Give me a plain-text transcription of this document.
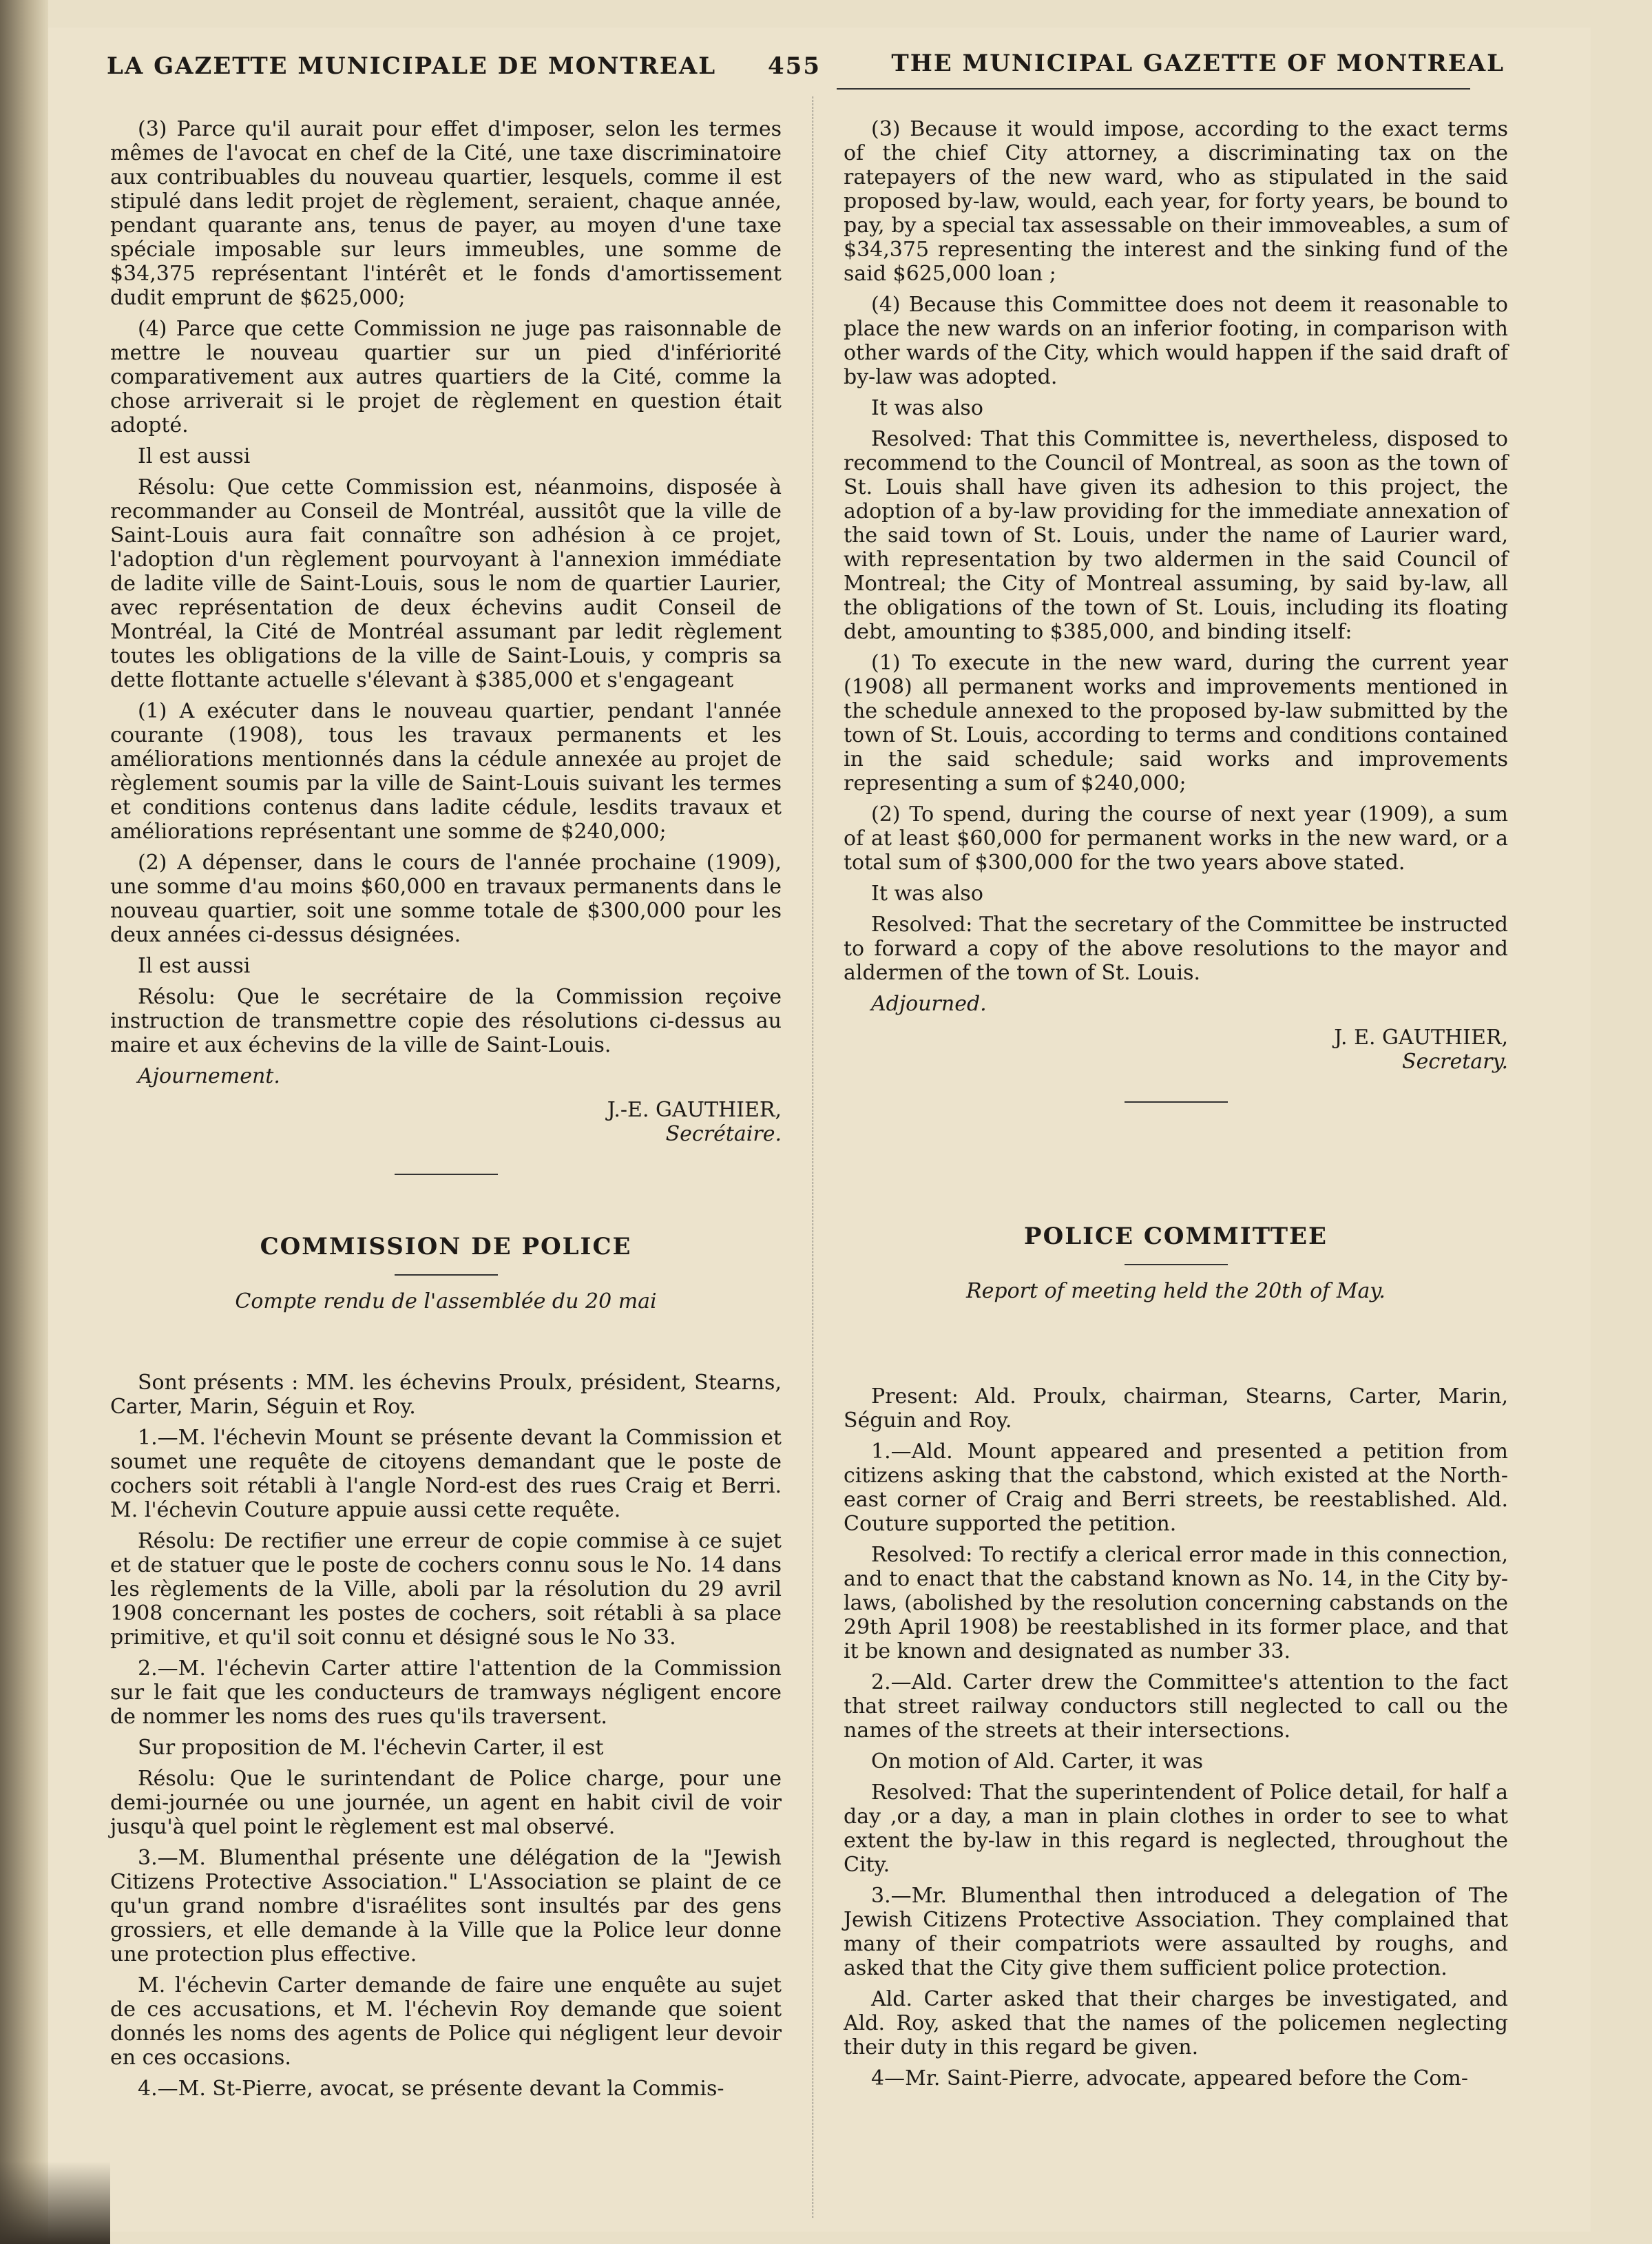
LA GAZETTE MUNICIPALE DE MONTREAL 455	THE MUNICIPAL GAZETTE OF MONTREAL

(3) Parce qu'il aurait pour effet d'imposer, selon les termes mêmes de l'avocat en chef de la Cité, une taxe discriminatoire aux contribuables du nouveau quartier, lesquels, comme il est stipulé dans ledit projet de règlement, seraient, chaque année, pendant quarante ans, tenus de payer, au moyen d'une taxe spéciale imposable sur leurs immeubles, une somme de $34,375 représentant l'intérêt et le fonds d'amortissement dudit emprunt de $625,000;

(4) Parce que cette Commission ne juge pas raisonnable de mettre le nouveau quartier sur un pied d'infériorité comparativement aux autres quartiers de la Cité, comme la chose arriverait si le projet de règlement en question était adopté.

Il est aussi

Résolu: Que cette Commission est, néanmoins, disposée à recommander au Conseil de Montréal, aussitôt que la ville de Saint-Louis aura fait connaître son adhésion à ce projet, l'adoption d'un règlement pourvoyant à l'annexion immédiate de ladite ville de Saint-Louis, sous le nom de quartier Laurier, avec représentation de deux échevins audit Conseil de Montréal, la Cité de Montréal assumant par ledit règlement toutes les obligations de la ville de Saint-Louis, y compris sa dette flottante actuelle s'élevant à $385,000 et s'engageant

(1) A exécuter dans le nouveau quartier, pendant l'année courante (1908), tous les travaux permanents et les améliorations mentionnés dans la cédule annexée au projet de règlement soumis par la ville de Saint-Louis suivant les termes et conditions contenus dans ladite cédule, lesdits travaux et améliorations représentant une somme de $240,000;

(2) A dépenser, dans le cours de l'année prochaine (1909), une somme d'au moins $60,000 en travaux permanents dans le nouveau quartier, soit une somme totale de $300,000 pour les deux années ci-dessus désignées.

Il est aussi

Résolu: Que le secrétaire de la Commission reçoive instruction de transmettre copie des résolutions ci-dessus au maire et aux échevins de la ville de Saint-Louis.

Ajournement.

J.-E. GAUTHIER,
Secrétaire.

(3) Because it would impose, according to the exact terms of the chief City attorney, a discriminating tax on the ratepayers of the new ward, who as stipulated in the said proposed by-law, would, each year, for forty years, be bound to pay, by a special tax assessable on their immoveables, a sum of $34,375 representing the interest and the sinking fund of the said $625,000 loan ;

(4) Because this Committee does not deem it reasonable to place the new wards on an inferior footing, in comparison with other wards of the City, which would happen if the said draft of by-law was adopted.

It was also

Resolved: That this Committee is, nevertheless, disposed to recommend to the Council of Montreal, as soon as the town of St. Louis shall have given its adhesion to this project, the adoption of a by-law providing for the immediate annexation of the said town of St. Louis, under the name of Laurier ward, with representation by two aldermen in the said Council of Montreal; the City of Montreal assuming, by said by-law, all the obligations of the town of St. Louis, including its floating debt, amounting to $385,000, and binding itself:

(1) To execute in the new ward, during the current year (1908) all permanent works and improvements mentioned in the schedule annexed to the proposed by-law submitted by the town of St. Louis, according to terms and conditions contained in the said schedule; said works and improvements representing a sum of $240,000;

(2) To spend, during the course of next year (1909), a sum of at least $60,000 for permanent works in the new ward, or a total sum of $300,000 for the two years above stated.

It was also

Resolved: That the secretary of the Committee be instructed to forward a copy of the above resolutions to the mayor and aldermen of the town of St. Louis.

Adjourned.

J. E. GAUTHIER,
Secretary.
COMMISSION DE POLICE
Compte rendu de l'assemblée du 20 mai

Sont présents : MM. les échevins Proulx, président, Stearns, Carter, Marin, Séguin et Roy.

1.—M. l'échevin Mount se présente devant la Commission et soumet une requête de citoyens demandant que le poste de cochers soit rétabli à l'angle Nord-est des rues Craig et Berri. M. l'échevin Couture appuie aussi cette requête.

Résolu: De rectifier une erreur de copie commise à ce sujet et de statuer que le poste de cochers connu sous le No. 14 dans les règlements de la Ville, aboli par la résolution du 29 avril 1908 concernant les postes de cochers, soit rétabli à sa place primitive, et qu'il soit connu et désigné sous le No 33.

2.—M. l'échevin Carter attire l'attention de la Commission sur le fait que les conducteurs de tramways négligent encore de nommer les noms des rues qu'ils traversent.

Sur proposition de M. l'échevin Carter, il est

Résolu: Que le surintendant de Police charge, pour une demi-journée ou une journée, un agent en habit civil de voir jusqu'à quel point le règlement est mal observé.

3.—M. Blumenthal présente une délégation de la "Jewish Citizens Protective Association." L'Association se plaint de ce qu'un grand nombre d'israélites sont insultés par des gens grossiers, et elle demande à la Ville que la Police leur donne une protection plus effective.

M. l'échevin Carter demande de faire une enquête au sujet de ces accusations, et M. l'échevin Roy demande que soient donnés les noms des agents de Police qui négligent leur devoir en ces occasions.

4.—M. St-Pierre, avocat, se présente devant la Commis-

POLICE COMMITTEE
Report of meeting held the 20th of May.

Present: Ald. Proulx, chairman, Stearns, Carter, Marin, Séguin and Roy.

1.—Ald. Mount appeared and presented a petition from citizens asking that the cabstond, which existed at the North-east corner of Craig and Berri streets, be reestablished. Ald. Couture supported the petition.

Resolved: To rectify a clerical error made in this connection, and to enact that the cabstand known as No. 14, in the City by-laws, (abolished by the resolution concerning cabstands on the 29th April 1908) be reestablished in its former place, and that it be known and designated as number 33.

2.—Ald. Carter drew the Committee's attention to the fact that street railway conductors still neglected to call ou the names of the streets at their intersections.

On motion of Ald. Carter, it was

Resolved: That the superintendent of Police detail, for half a day ,or a day, a man in plain clothes in order to see to what extent the by-law in this regard is neglected, throughout the City.

3.—Mr. Blumenthal then introduced a delegation of The Jewish Citizens Protective Association. They complained that many of their compatriots were assaulted by roughs, and asked that the City give them sufficient police protection.

Ald. Carter asked that their charges be investigated, and Ald. Roy, asked that the names of the policemen neglecting their duty in this regard be given.

4—Mr. Saint-Pierre, advocate, appeared before the Com-
